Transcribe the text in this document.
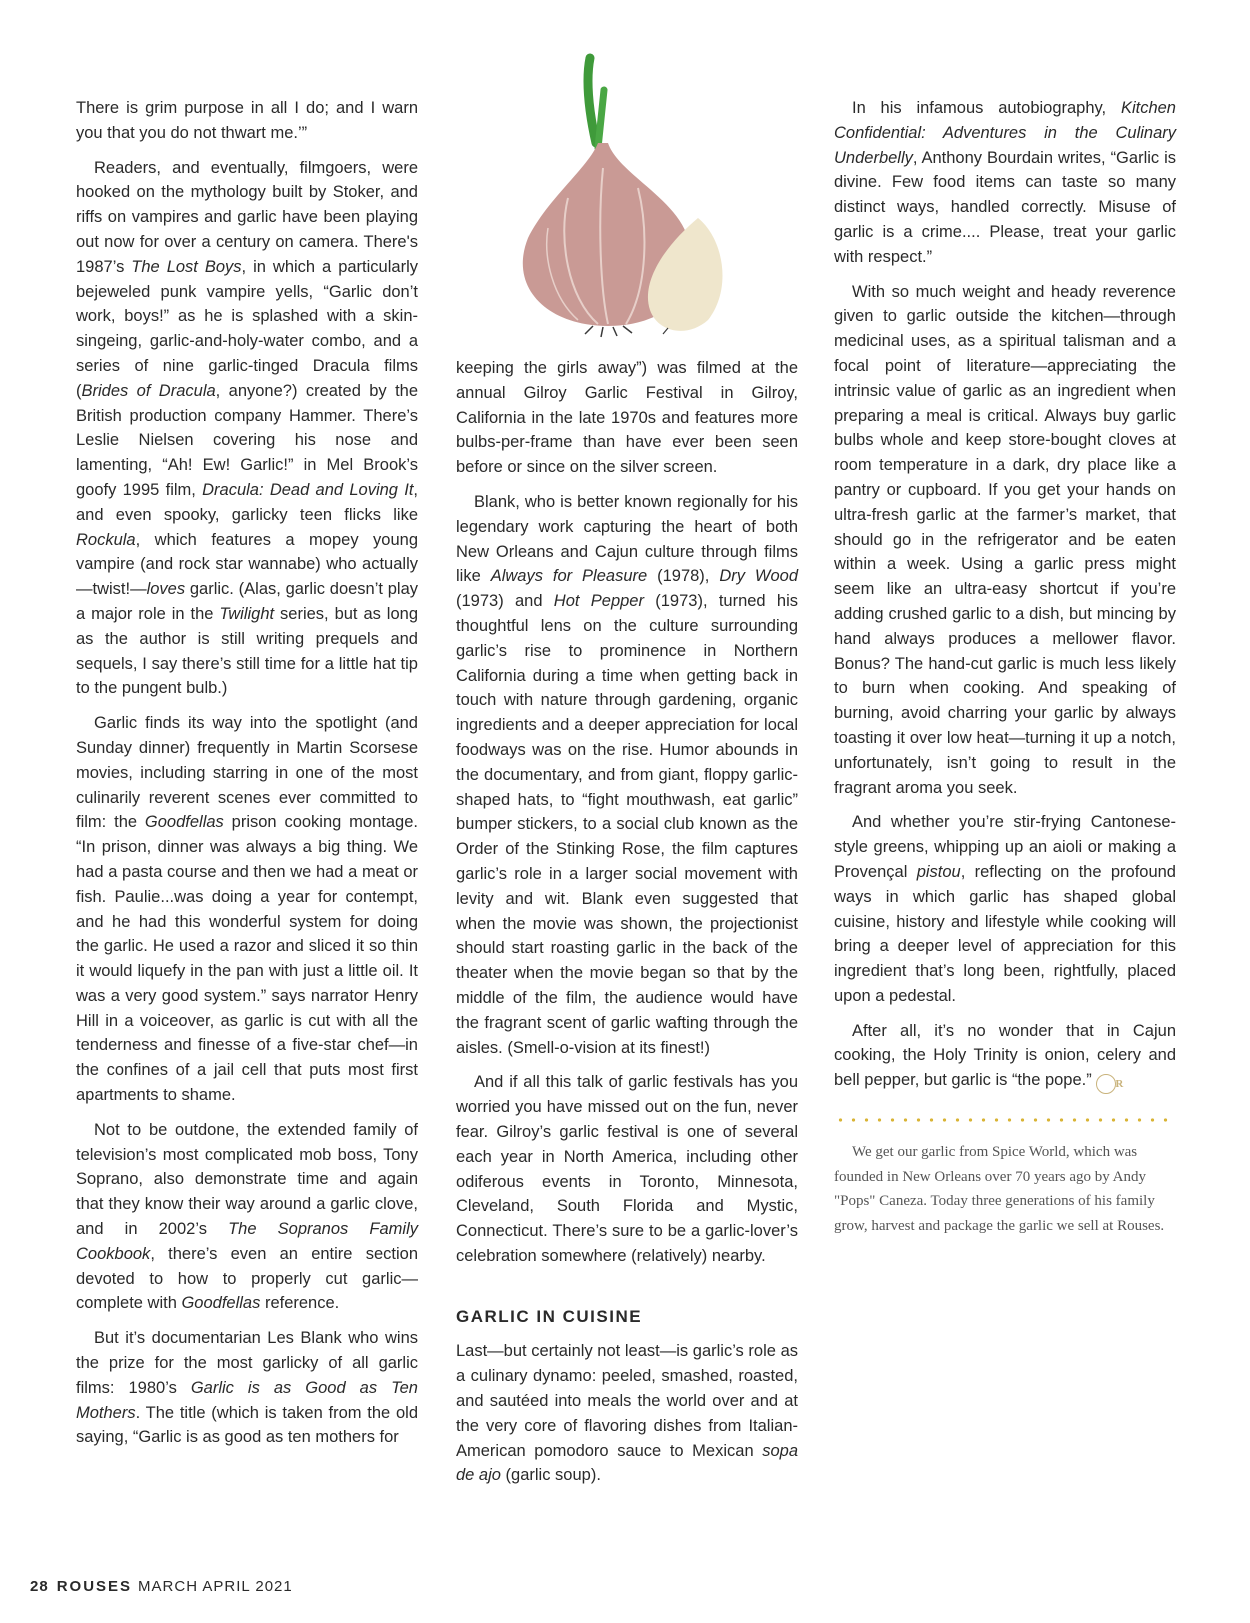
There is grim purpose in all I do; and I warn you that you do not thwart me.’”

Readers, and eventually, filmgoers, were hooked on the mythology built by Stoker, and riffs on vampires and garlic have been playing out now for over a century on camera. There's 1987’s The Lost Boys, in which a particularly bejeweled punk vampire yells, “Garlic don’t work, boys!” as he is splashed with a skin-singeing, garlic-and-holy-water combo, and a series of nine garlic-tinged Dracula films (Brides of Dracula, anyone?) created by the British production company Hammer. There’s Leslie Nielsen covering his nose and lamenting, “Ah! Ew! Garlic!” in Mel Brook’s goofy 1995 film, Dracula: Dead and Loving It, and even spooky, garlicky teen flicks like Rockula, which features a mopey young vampire (and rock star wannabe) who actually—twist!—loves garlic. (Alas, garlic doesn’t play a major role in the Twilight series, but as long as the author is still writing prequels and sequels, I say there’s still time for a little hat tip to the pungent bulb.)

Garlic finds its way into the spotlight (and Sunday dinner) frequently in Martin Scorsese movies, including starring in one of the most culinarily reverent scenes ever committed to film: the Goodfellas prison cooking montage. “In prison, dinner was always a big thing. We had a pasta course and then we had a meat or fish. Paulie...was doing a year for contempt, and he had this wonderful system for doing the garlic. He used a razor and sliced it so thin it would liquefy in the pan with just a little oil. It was a very good system.” says narrator Henry Hill in a voiceover, as garlic is cut with all the tenderness and finesse of a five-star chef—in the confines of a jail cell that puts most first apartments to shame.

Not to be outdone, the extended family of television’s most complicated mob boss, Tony Soprano, also demonstrate time and again that they know their way around a garlic clove, and in 2002’s The Sopranos Family Cookbook, there’s even an entire section devoted to how to properly cut garlic—complete with Goodfellas reference.

But it’s documentarian Les Blank who wins the prize for the most garlicky of all garlic films: 1980’s Garlic is as Good as Ten Mothers. The title (which is taken from the old saying, “Garlic is as good as ten mothers for

keeping the girls away”) was filmed at the annual Gilroy Garlic Festival in Gilroy, California in the late 1970s and features more bulbs-per-frame than have ever been seen before or since on the silver screen.

Blank, who is better known regionally for his legendary work capturing the heart of both New Orleans and Cajun culture through films like Always for Pleasure (1978), Dry Wood (1973) and Hot Pepper (1973), turned his thoughtful lens on the culture surrounding garlic’s rise to prominence in Northern California during a time when getting back in touch with nature through gardening, organic ingredients and a deeper appreciation for local foodways was on the rise. Humor abounds in the documentary, and from giant, floppy garlic-shaped hats, to “fight mouthwash, eat garlic” bumper stickers, to a social club known as the Order of the Stinking Rose, the film captures garlic’s role in a larger social movement with levity and wit. Blank even suggested that when the movie was shown, the projectionist should start roasting garlic in the back of the theater when the movie began so that by the middle of the film, the audience would have the fragrant scent of garlic wafting through the aisles. (Smell-o-vision at its finest!)

And if all this talk of garlic festivals has you worried you have missed out on the fun, never fear. Gilroy’s garlic festival is one of several each year in North America, including other odiferous events in Toronto, Minnesota, Cleveland, South Florida and Mystic, Connecticut. There’s sure to be a garlic-lover’s celebration somewhere (relatively) nearby.

GARLIC IN CUISINE

Last—but certainly not least—is garlic’s role as a culinary dynamo: peeled, smashed, roasted, and sautéed into meals the world over and at the very core of flavoring dishes from Italian-American pomodoro sauce to Mexican sopa de ajo (garlic soup).

In his infamous autobiography, Kitchen Confidential: Adventures in the Culinary Underbelly, Anthony Bourdain writes, “Garlic is divine. Few food items can taste so many distinct ways, handled correctly. Misuse of garlic is a crime.... Please, treat your garlic with respect.”

With so much weight and heady reverence given to garlic outside the kitchen—through medicinal uses, as a spiritual talisman and a focal point of literature—appreciating the intrinsic value of garlic as an ingredient when preparing a meal is critical. Always buy garlic bulbs whole and keep store-bought cloves at room temperature in a dark, dry place like a pantry or cupboard. If you get your hands on ultra-fresh garlic at the farmer’s market, that should go in the refrigerator and be eaten within a week. Using a garlic press might seem like an ultra-easy shortcut if you’re adding crushed garlic to a dish, but mincing by hand always produces a mellower flavor. Bonus? The hand-cut garlic is much less likely to burn when cooking. And speaking of burning, avoid charring your garlic by always toasting it over low heat—turning it up a notch, unfortunately, isn’t going to result in the fragrant aroma you seek.

And whether you’re stir-frying Cantonese-style greens, whipping up an aioli or making a Provençal pistou, reflecting on the profound ways in which garlic has shaped global cuisine, history and lifestyle while cooking will bring a deeper level of appreciation for this ingredient that’s long been, rightfully, placed upon a pedestal.

After all, it’s no wonder that in Cajun cooking, the Holy Trinity is onion, celery and bell pepper, but garlic is “the pope.” R

We get our garlic from Spice World, which was founded in New Orleans over 70 years ago by Andy "Pops" Caneza. Today three generations of his family grow, harvest and package the garlic we sell at Rouses.

28 ROUSES MARCH APRIL 2021
